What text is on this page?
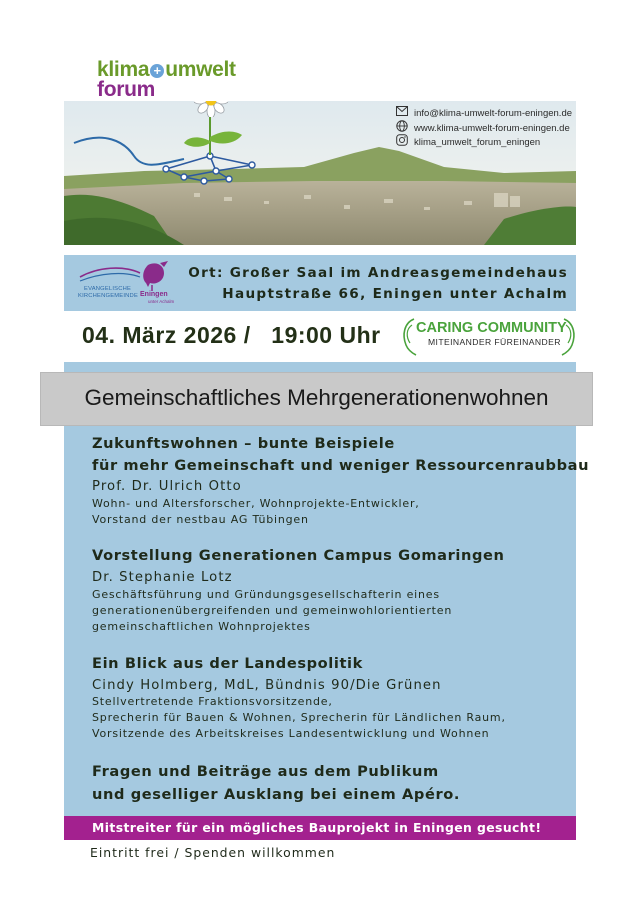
klima + umwelt
forum
info@klima-umwelt-forum-eningen.de
www.klima-umwelt-forum-eningen.de
klima_umwelt_forum_eningen
EVANGELISCHE
KIRCHENGEMEINDE Eningen
unter Achalm
Ort: Großer Saal im Andreasgemeindehaus
Hauptstraße 66, Eningen unter Achalm
04. März 2026 /   19:00 Uhr CARING COMMUNITY
MITEINANDER FÜREINANDER
Gemeinschaftliches Mehrgenerationenwohnen
Zukunftswohnen – bunte Beispiele
für mehr Gemeinschaft und weniger Ressourcenraubbau
Prof. Dr. Ulrich Otto
Wohn- und Altersforscher, Wohnprojekte-Entwickler,
Vorstand der nestbau AG Tübingen
Vorstellung Generationen Campus Gomaringen
Dr. Stephanie Lotz
Geschäftsführung und Gründungsgesellschafterin eines
generationenübergreifenden und gemeinwohlorientierten
gemeinschaftlichen Wohnprojektes
Ein Blick aus der Landespolitik
Cindy Holmberg, MdL, Bündnis 90/Die Grünen
Stellvertretende Fraktionsvorsitzende,
Sprecherin für Bauen & Wohnen, Sprecherin für Ländlichen Raum,
Vorsitzende des Arbeitskreises Landesentwicklung und Wohnen
Fragen und Beiträge aus dem Publikum
und geselliger Ausklang bei einem Apéro.
Mitstreiter für ein mögliches Bauprojekt in Eningen gesucht!
Eintritt frei / Spenden willkommen
